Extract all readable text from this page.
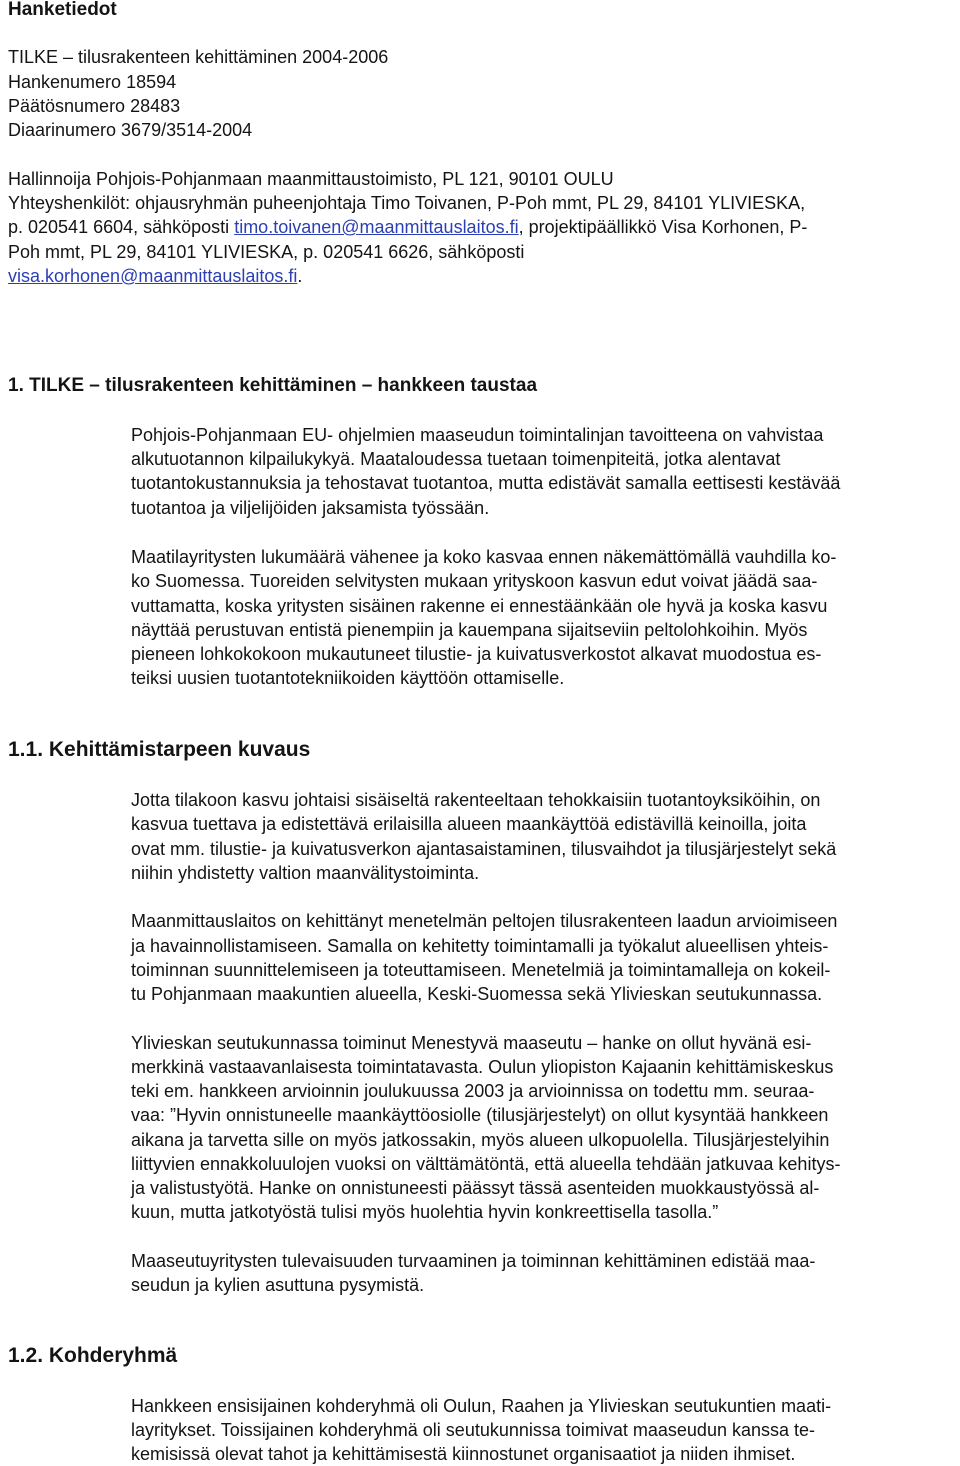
Hanketiedot
TILKE – tilusrakenteen kehittäminen 2004-2006
Hankenumero 18594
Päätösnumero 28483
Diaarinumero 3679/3514-2004
Hallinnoija Pohjois-Pohjanmaan maanmittaustoimisto, PL 121, 90101 OULU
Yhteyshenkilöt: ohjausryhmän puheenjohtaja Timo Toivanen, P-Poh mmt, PL 29, 84101 YLIVIESKA,
p. 020541 6604, sähköposti timo.toivanen@maanmittauslaitos.fi, projektipäällikkö Visa Korhonen, P-
Poh mmt, PL 29, 84101 YLIVIESKA, p. 020541 6626, sähköposti
visa.korhonen@maanmittauslaitos.fi.
1. TILKE – tilusrakenteen kehittäminen – hankkeen taustaa
Pohjois-Pohjanmaan EU- ohjelmien maaseudun toimintalinjan tavoitteena on vahvistaa
alkutuotannon kilpailukykyä. Maataloudessa tuetaan toimenpiteitä, jotka alentavat
tuotantokustannuksia ja tehostavat tuotantoa, mutta edistävät samalla eettisesti kestävää
tuotantoa ja viljelijöiden jaksamista työssään.
Maatilayritysten lukumäärä vähenee ja koko kasvaa ennen näkemättömällä vauhdilla ko-
ko Suomessa. Tuoreiden selvitysten mukaan yrityskoon kasvun edut voivat jäädä saa-
vuttamatta, koska yritysten sisäinen rakenne ei ennestäänkään ole hyvä ja koska kasvu
näyttää perustuvan entistä pienempiin ja kauempana sijaitseviin peltolohkoihin. Myös
pieneen lohkokokoon mukautuneet tilustie- ja kuivatusverkostot alkavat muodostua es-
teiksi uusien tuotantotekniikoiden käyttöön ottamiselle.
1.1. Kehittämistarpeen kuvaus
Jotta tilakoon kasvu johtaisi sisäiseltä rakenteeltaan tehokkaisiin tuotantoyksiköihin, on
kasvua tuettava ja edistettävä erilaisilla alueen maankäyttöä edistävillä keinoilla, joita
ovat mm. tilustie- ja kuivatusverkon ajantasaistaminen, tilusvaihdot ja tilusjärjestelyt sekä
niihin yhdistetty valtion maanvälitystoiminta.
Maanmittauslaitos on kehittänyt menetelmän peltojen tilusrakenteen laadun arvioimiseen
ja havainnollistamiseen. Samalla on kehitetty toimintamalli ja työkalut alueellisen yhteis-
toiminnan suunnittelemiseen ja toteuttamiseen. Menetelmiä ja toimintamalleja on kokeil-
tu Pohjanmaan maakuntien alueella, Keski-Suomessa sekä Ylivieskan seutukunnassa.
Ylivieskan seutukunnassa toiminut Menestyvä maaseutu – hanke on ollut hyvänä esi-
merkkinä vastaavanlaisesta toimintatavasta. Oulun yliopiston Kajaanin kehittämiskeskus
teki em. hankkeen arvioinnin joulukuussa 2003 ja arvioinnissa on todettu mm. seuraa-
vaa: ”Hyvin onnistuneelle maankäyttöosiolle (tilusjärjestelyt) on ollut kysyntää hankkeen
aikana ja tarvetta sille on myös jatkossakin, myös alueen ulkopuolella. Tilusjärjestelyihin
liittyvien ennakkoluulojen vuoksi on välttämätöntä, että alueella tehdään jatkuvaa kehitys-
ja valistustyötä. Hanke on onnistuneesti päässyt tässä asenteiden muokkaustyössä al-
kuun, mutta jatkotyöstä tulisi myös huolehtia hyvin konkreettisella tasolla.”
Maaseutuyritysten tulevaisuuden turvaaminen ja toiminnan kehittäminen edistää maa-
seudun ja kylien asuttuna pysymistä.
1.2. Kohderyhmä
Hankkeen ensisijainen kohderyhmä oli Oulun, Raahen ja Ylivieskan seutukuntien maati-
layritykset. Toissijainen kohderyhmä oli seutukunnissa toimivat maaseudun kanssa te-
kemisissä olevat tahot ja kehittämisestä kiinnostunet organisaatiot ja niiden ihmiset.
